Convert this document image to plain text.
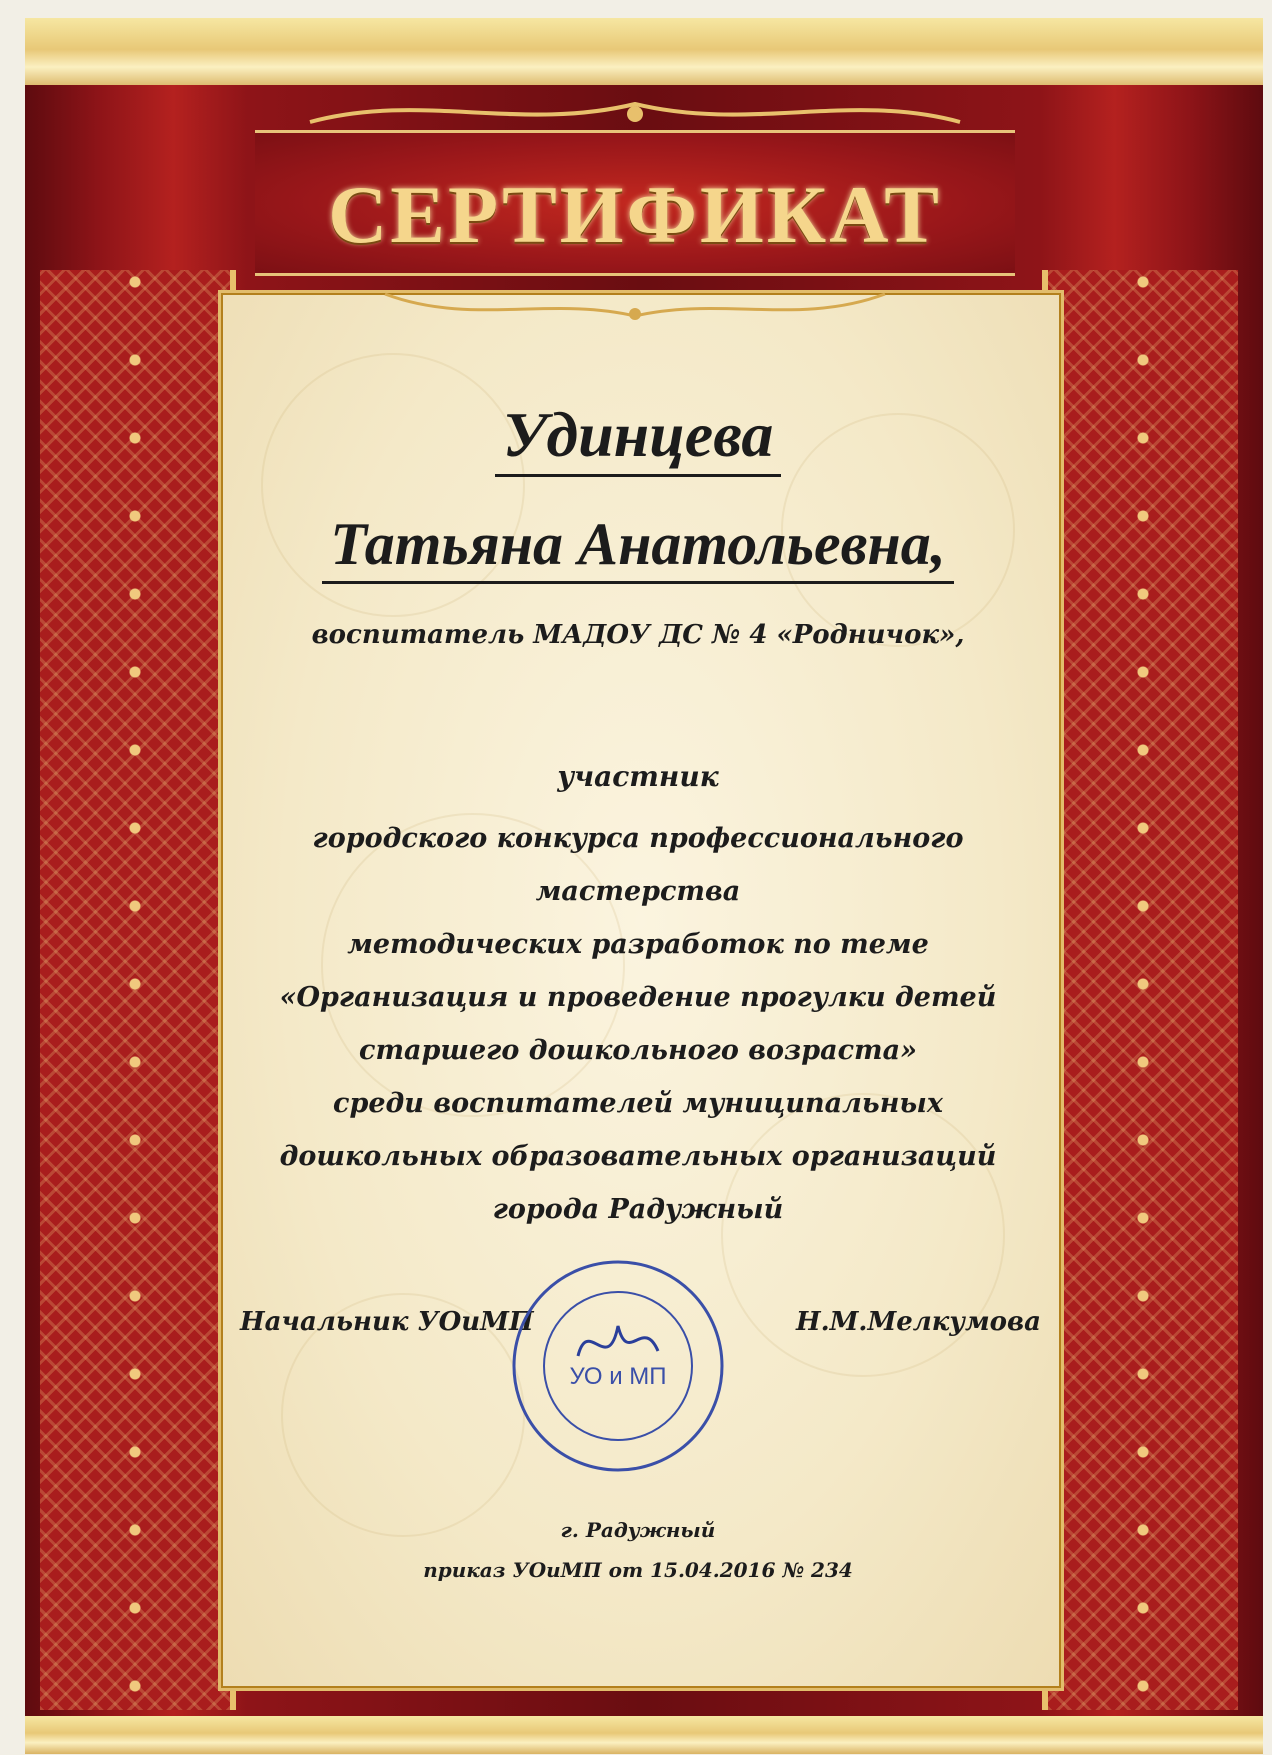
СЕРТИФИКАТ
Удинцева
Татьяна Анатольевна,
воспитатель МАДОУ ДС № 4 «Родничок»,
участник
городского конкурса профессионального мастерства
методических разработок по теме
«Организация и проведение прогулки детей
старшего дошкольного возраста»
среди воспитателей муниципальных
дошкольных образовательных организаций
города Радужный
Начальник УОиМП
УО и МП
Н.М.Мелкумова
г. Радужный
приказ УОиМП от 15.04.2016 № 234
